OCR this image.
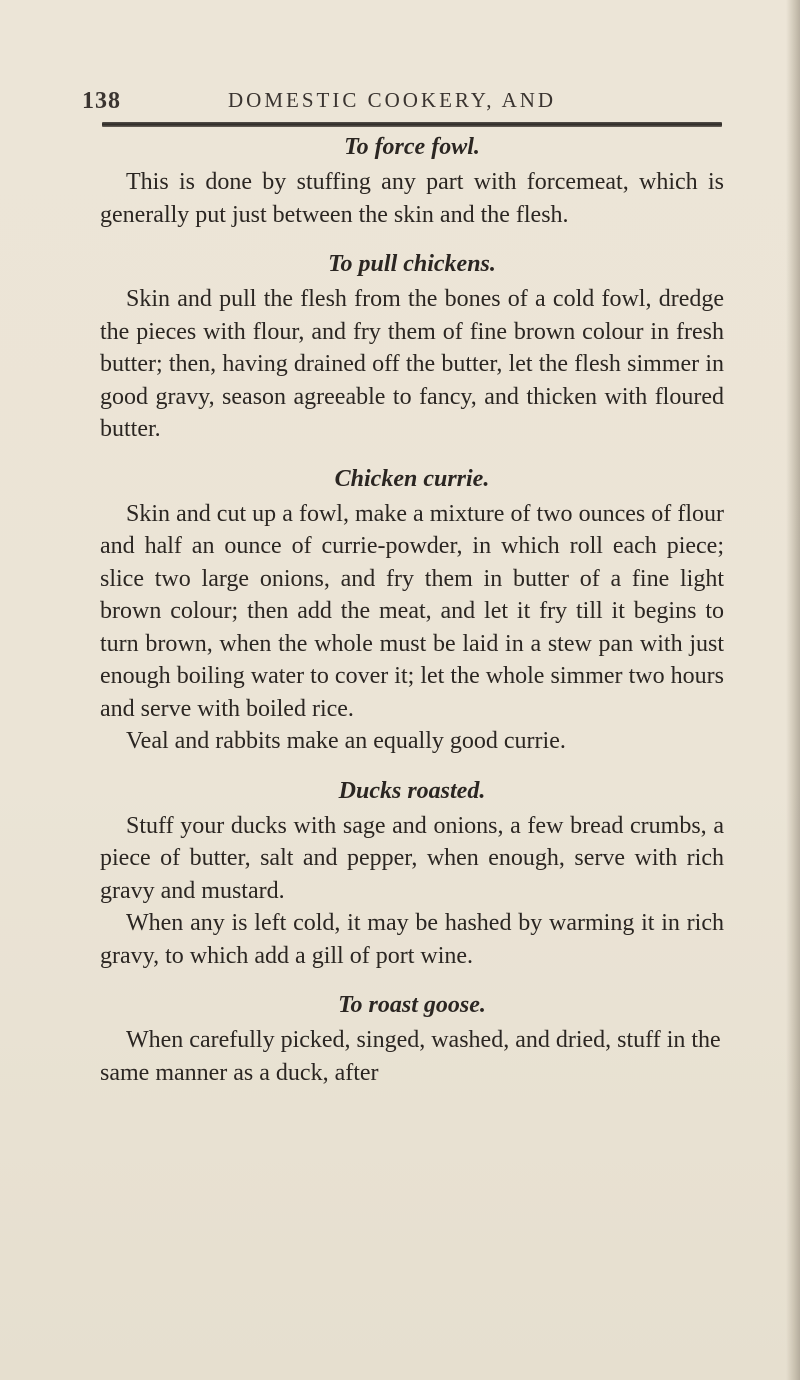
138	DOMESTIC COOKERY, AND
To force fowl.

This is done by stuffing any part with forcemeat, which is generally put just between the skin and the flesh.

To pull chickens.

Skin and pull the flesh from the bones of a cold fowl, dredge the pieces with flour, and fry them of fine brown colour in fresh butter; then, having drained off the butter, let the flesh simmer in good gravy, season agreeable to fancy, and thicken with floured butter.

Chicken currie.

Skin and cut up a fowl, make a mixture of two ounces of flour and half an ounce of currie-powder, in which roll each piece; slice two large onions, and fry them in butter of a fine light brown colour; then add the meat, and let it fry till it begins to turn brown, when the whole must be laid in a stew pan with just enough boiling water to cover it; let the whole simmer two hours and serve with boiled rice.

Veal and rabbits make an equally good currie.

Ducks roasted.

Stuff your ducks with sage and onions, a few bread crumbs, a piece of butter, salt and pepper, when enough, serve with rich gravy and mustard.

When any is left cold, it may be hashed by warming it in rich gravy, to which add a gill of port wine.

To roast goose.

When carefully picked, singed, washed, and dried, stuff in the same manner as a duck, after
